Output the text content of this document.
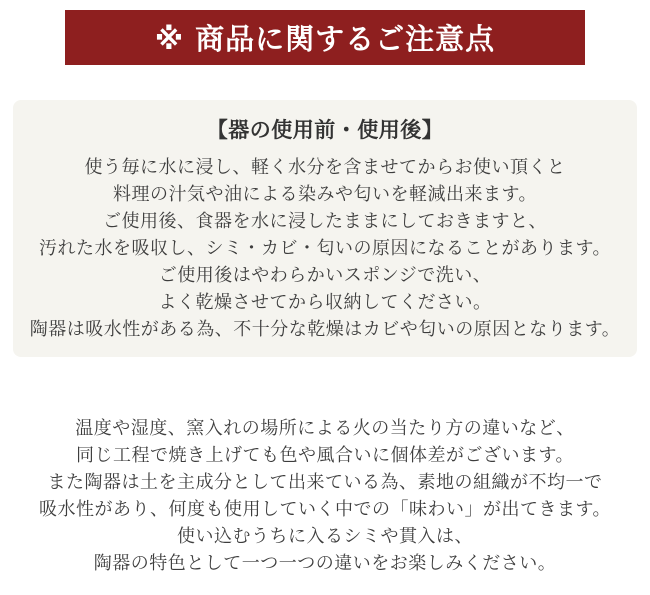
※ 商品に関するご注意点
【器の使用前・使用後】
使う毎に水に浸し、軽く水分を含ませてからお使い頂くと
料理の汁気や油による染みや匂いを軽減出来ます。
ご使用後、食器を水に浸したままにしておきますと、
汚れた水を吸収し、シミ・カビ・匂いの原因になることがあります。
ご使用後はやわらかいスポンジで洗い、
よく乾燥させてから収納してください。
陶器は吸水性がある為、不十分な乾燥はカビや匂いの原因となります。
温度や湿度、窯入れの場所による火の当たり方の違いなど、
同じ工程で焼き上げても色や風合いに個体差がございます。
また陶器は土を主成分として出来ている為、素地の組織が不均一で
吸水性があり、何度も使用していく中での「味わい」が出てきます。
使い込むうちに入るシミや貫入は、
陶器の特色として一つ一つの違いをお楽しみください。
